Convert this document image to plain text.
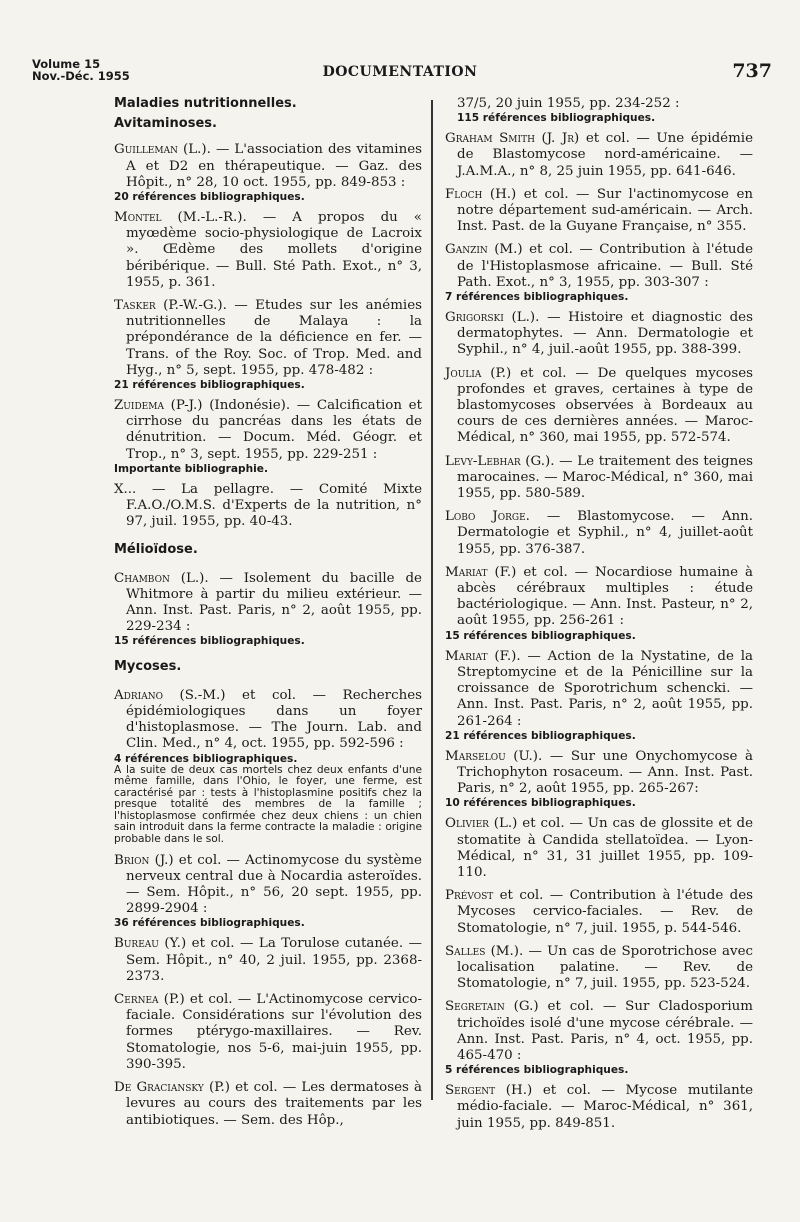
Volume 15
Nov.-Déc. 1955	DOCUMENTATION	737
Maladies nutritionnelles.
Avitaminoses.
Guilleman (L.). — L'association des vitamines A et D2 en thérapeutique. — Gaz. des Hôpit., n° 28, 10 oct. 1955, pp. 849-853 :
20 références bibliographiques.
Montel (M.-L.-R.). — A propos du « myœdème socio-physiologique de Lacroix ». Œdème des mollets d'origine béribérique. — Bull. Sté Path. Exot., n° 3, 1955, p. 361.
Tasker (P.-W.-G.). — Etudes sur les anémies nutritionnelles de Malaya : la prépondérance de la déficience en fer. — Trans. of the Roy. Soc. of Trop. Med. and Hyg., n° 5, sept. 1955, pp. 478-482 :
21 références bibliographiques.
Zuidema (P-J.) (Indonésie). — Calcification et cirrhose du pancréas dans les états de dénutrition. — Docum. Méd. Géogr. et Trop., n° 3, sept. 1955, pp. 229-251 :
Importante bibliographie.
X... — La pellagre. — Comité Mixte F.A.O./O.M.S. d'Experts de la nutrition, n° 97, juil. 1955, pp. 40-43.
Mélioïdose.
Chambon (L.). — Isolement du bacille de Whitmore à partir du milieu extérieur. — Ann. Inst. Past. Paris, n° 2, août 1955, pp. 229-234 :
15 références bibliographiques.
Mycoses.
Adriano (S.-M.) et col. — Recherches épidémiologiques dans un foyer d'histoplasmose. — The Journ. Lab. and Clin. Med., n° 4, oct. 1955, pp. 592-596 :
4 références bibliographiques.
A la suite de deux cas mortels chez deux enfants d'une même famille, dans l'Ohio, le foyer, une ferme, est caractérisé par : tests à l'histoplasmine positifs chez la presque totalité des membres de la famille ; l'histoplasmose confirmée chez deux chiens : un chien sain introduit dans la ferme contracte la maladie : origine probable dans le sol.
Brion (J.) et col. — Actinomycose du système nerveux central due à Nocardia asteroïdes. — Sem. Hôpit., n° 56, 20 sept. 1955, pp. 2899-2904 :
36 références bibliographiques.
Bureau (Y.) et col. — La Torulose cutanée. — Sem. Hôpit., n° 40, 2 juil. 1955, pp. 2368-2373.
Cernea (P.) et col. — L'Actinomycose cervico-faciale. Considérations sur l'évolution des formes ptérygo-maxillaires. — Rev. Stomatologie, nos 5-6, mai-juin 1955, pp. 390-395.
De Graciansky (P.) et col. — Les dermatoses à levures au cours des traitements par les antibiotiques. — Sem. des Hôp.,
37/5, 20 juin 1955, pp. 234-252 :
115 références bibliographiques.
Graham Smith (J. Jr) et col. — Une épidémie de Blastomycose nord-américaine. — J.A.M.A., n° 8, 25 juin 1955, pp. 641-646.
Floch (H.) et col. — Sur l'actinomycose en notre département sud-américain. — Arch. Inst. Past. de la Guyane Française, n° 355.
Ganzin (M.) et col. — Contribution à l'étude de l'Histoplasmose africaine. — Bull. Sté Path. Exot., n° 3, 1955, pp. 303-307 :
7 références bibliographiques.
Grigorski (L.). — Histoire et diagnostic des dermatophytes. — Ann. Dermatologie et Syphil., n° 4, juil.-août 1955, pp. 388-399.
Joulia (P.) et col. — De quelques mycoses profondes et graves, certaines à type de blastomycoses observées à Bordeaux au cours de ces dernières années. — Maroc-Médical, n° 360, mai 1955, pp. 572-574.
Levy-Lebhar (G.). — Le traitement des teignes marocaines. — Maroc-Médical, n° 360, mai 1955, pp. 580-589.
Lobo Jorge. — Blastomycose. — Ann. Dermatologie et Syphil., n° 4, juillet-août 1955, pp. 376-387.
Mariat (F.) et col. — Nocardiose humaine à abcès cérébraux multiples : étude bactériologique. — Ann. Inst. Pasteur, n° 2, août 1955, pp. 256-261 :
15 références bibliographiques.
Mariat (F.). — Action de la Nystatine, de la Streptomycine et de la Pénicilline sur la croissance de Sporotrichum schencki. — Ann. Inst. Past. Paris, n° 2, août 1955, pp. 261-264 :
21 références bibliographiques.
Marselou (U.). — Sur une Onychomycose à Trichophyton rosaceum. — Ann. Inst. Past. Paris, n° 2, août 1955, pp. 265-267:
10 références bibliographiques.
Olivier (L.) et col. — Un cas de glossite et de stomatite à Candida stellatoïdea. — Lyon-Médical, n° 31, 31 juillet 1955, pp. 109-110.
Prévost et col. — Contribution à l'étude des Mycoses cervico-faciales. — Rev. de Stomatologie, n° 7, juil. 1955, p. 544-546.
Salles (M.). — Un cas de Sporotrichose avec localisation palatine. — Rev. de Stomatologie, n° 7, juil. 1955, pp. 523-524.
Segretain (G.) et col. — Sur Cladosporium trichoïdes isolé d'une mycose cérébrale. — Ann. Inst. Past. Paris, n° 4, oct. 1955, pp. 465-470 :
5 références bibliographiques.
Sergent (H.) et col. — Mycose mutilante médio-faciale. — Maroc-Médical, n° 361, juin 1955, pp. 849-851.
